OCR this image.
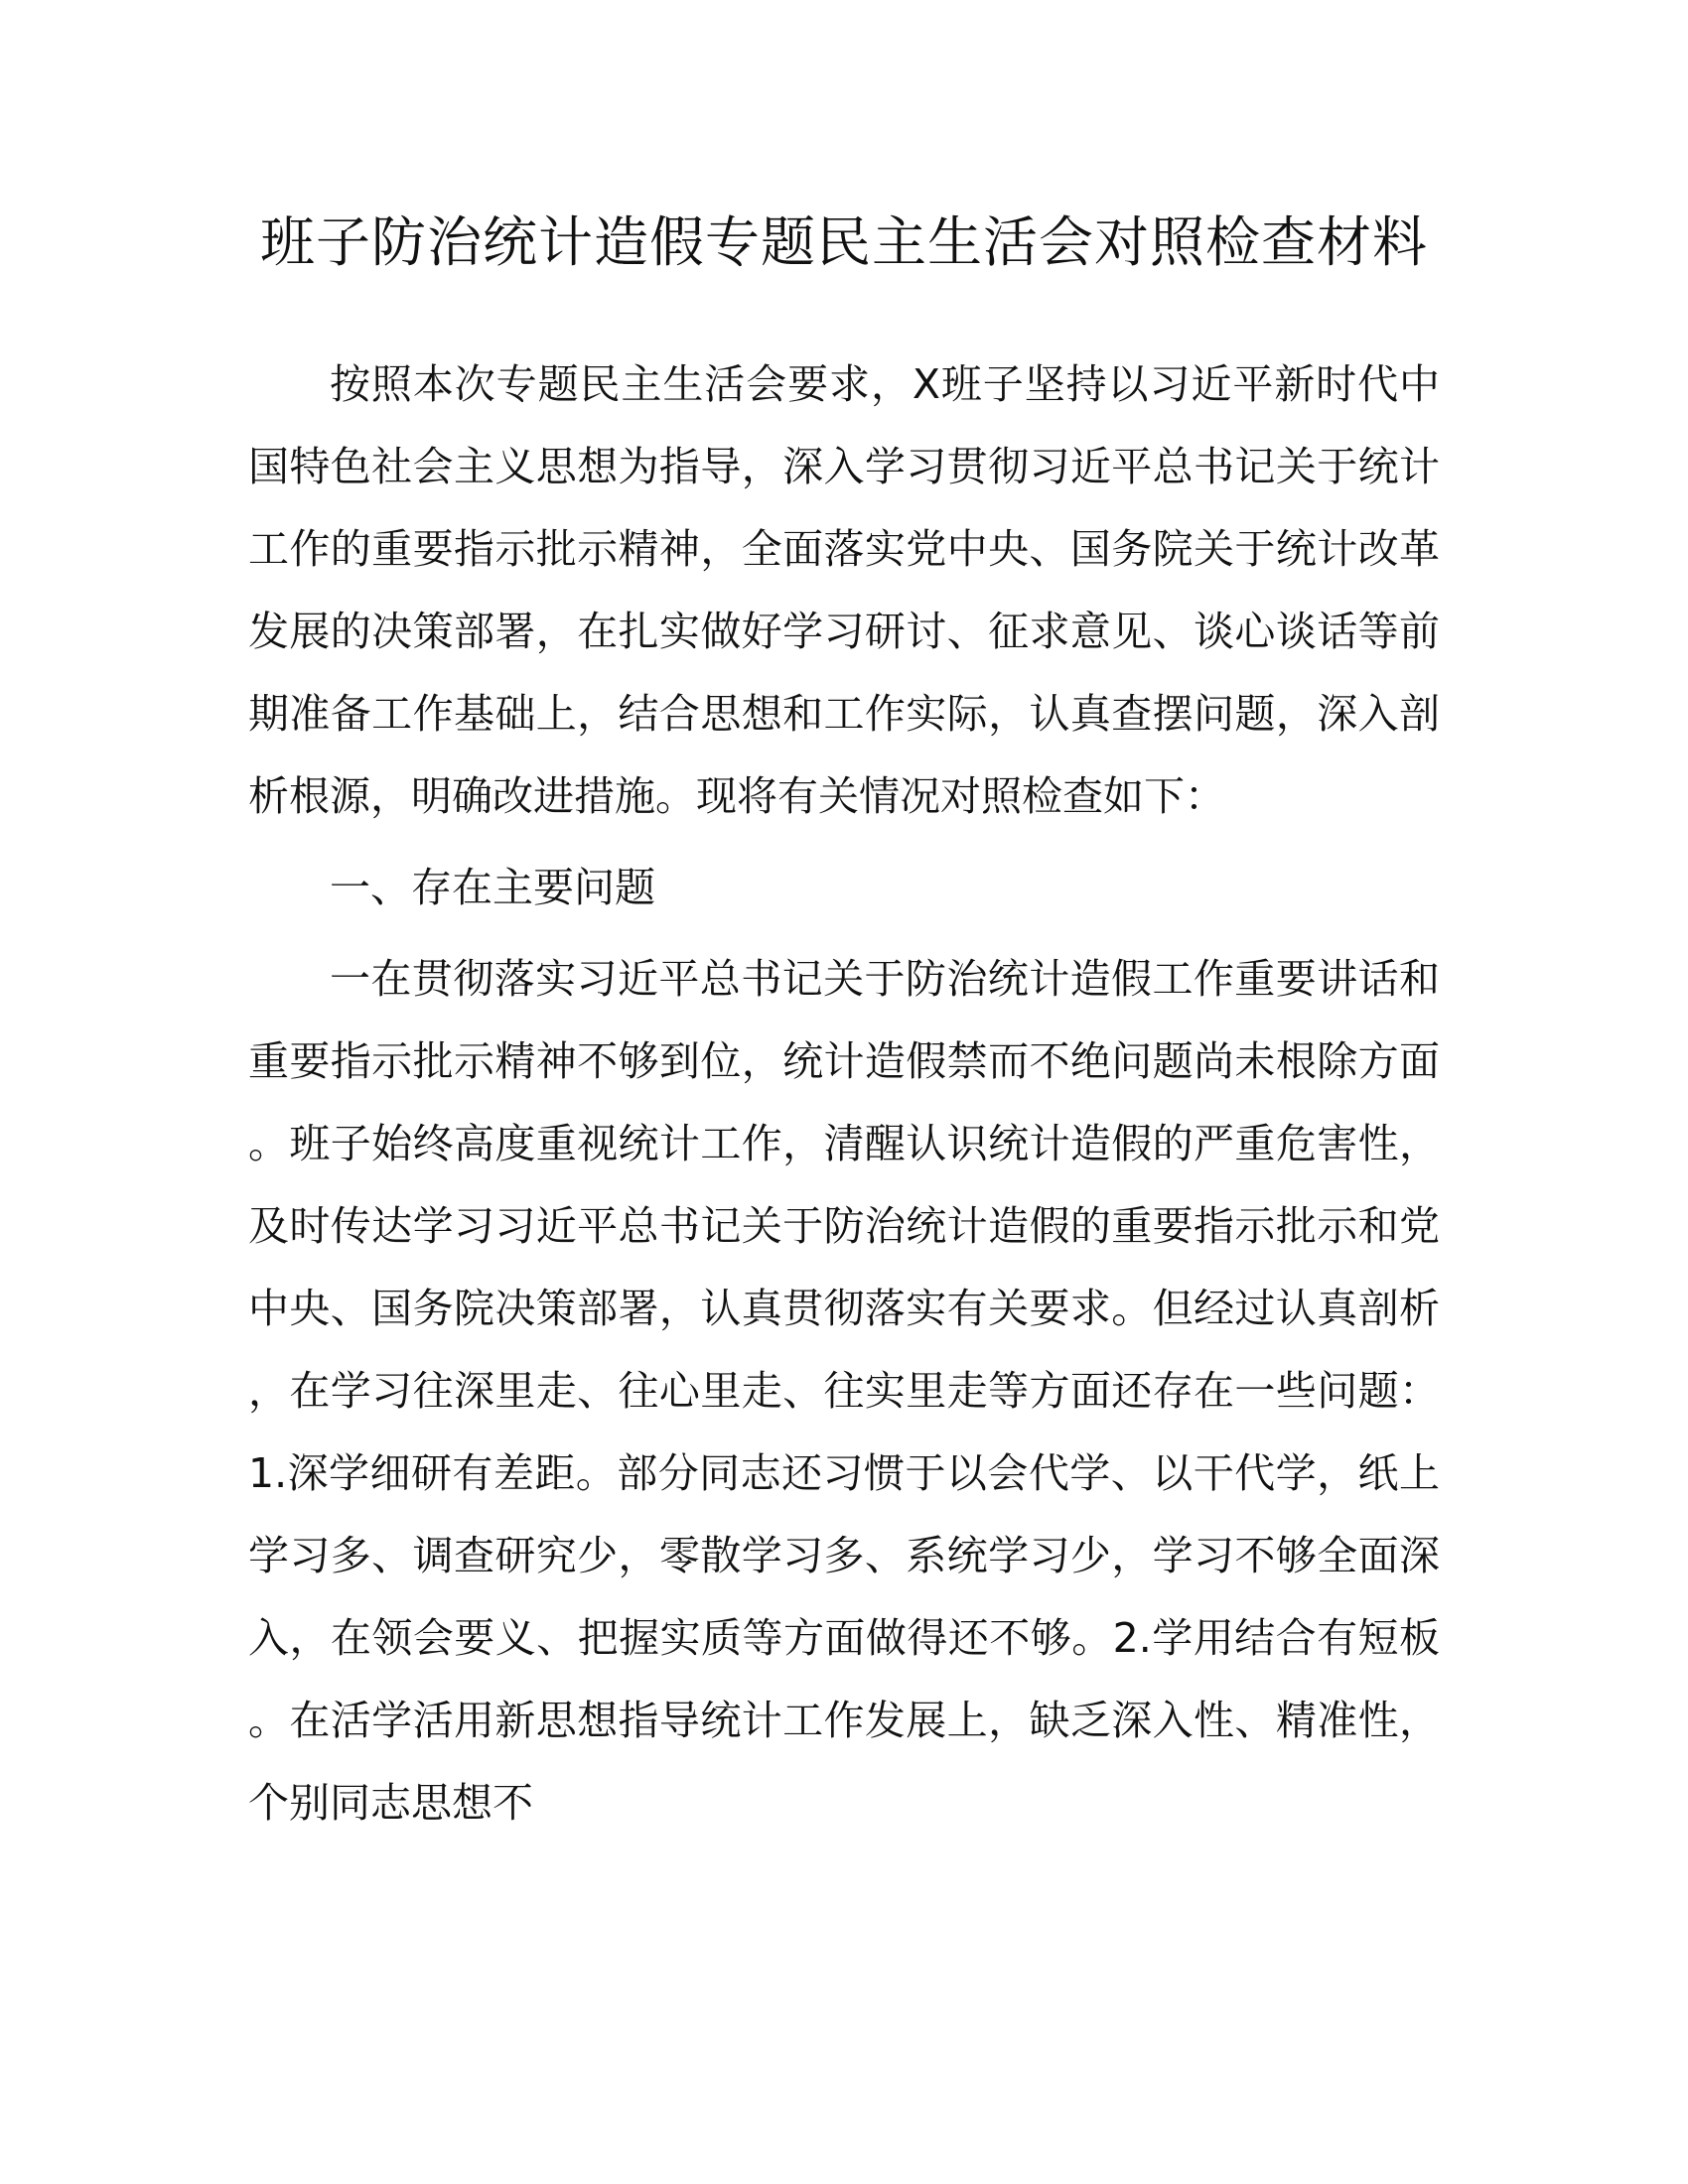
班子防治统计造假专题民主生活会对照检查材料

按照本次专题民主生活会要求，X班子坚持以习近平新时代中国特色社会主义思想为指导，深入学习贯彻习近平总书记关于统计工作的重要指示批示精神，全面落实党中央、国务院关于统计改革发展的决策部署，在扎实做好学习研讨、征求意见、谈心谈话等前期准备工作基础上，结合思想和工作实际，认真查摆问题，深入剖析根源，明确改进措施。现将有关情况对照检查如下：

一、存在主要问题

一在贯彻落实习近平总书记关于防治统计造假工作重要讲话和重要指示批示精神不够到位，统计造假禁而不绝问题尚未根除方面。班子始终高度重视统计工作，清醒认识统计造假的严重危害性，及时传达学习习近平总书记关于防治统计造假的重要指示批示和党中央、国务院决策部署，认真贯彻落实有关要求。但经过认真剖析，在学习往深里走、往心里走、往实里走等方面还存在一些问题：1.深学细研有差距。部分同志还习惯于以会代学、以干代学，纸上学习多、调查研究少，零散学习多、系统学习少，学习不够全面深入，在领会要义、把握实质等方面做得还不够。2.学用结合有短板。在活学活用新思想指导统计工作发展上，缺乏深入性、精准性，个别同志思想不
